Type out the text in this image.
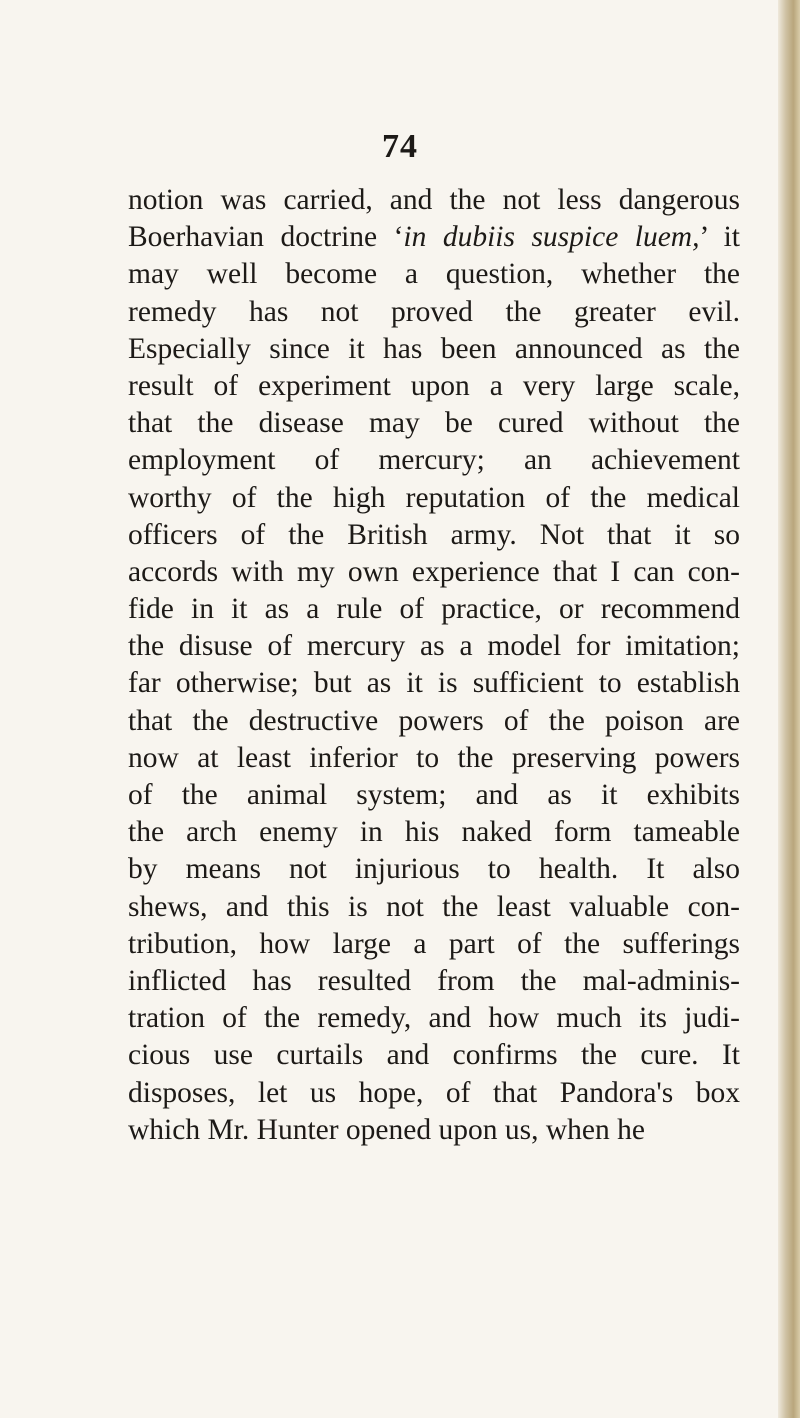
74
notion was carried, and the not less dangerous
Boerhavian doctrine ‘in dubiis suspice luem,’ it
may well become a question, whether the
remedy has not proved the greater evil.
Especially since it has been announced as the
result of experiment upon a very large scale,
that the disease may be cured without the
employment of mercury; an achievement
worthy of the high reputation of the medical
officers of the British army. Not that it so
accords with my own experience that I can con-
fide in it as a rule of practice, or recommend
the disuse of mercury as a model for imitation;
far otherwise; but as it is sufficient to establish
that the destructive powers of the poison are
now at least inferior to the preserving powers
of the animal system; and as it exhibits
the arch enemy in his naked form tameable
by means not injurious to health. It also
shews, and this is not the least valuable con-
tribution, how large a part of the sufferings
inflicted has resulted from the mal-adminis-
tration of the remedy, and how much its judi-
cious use curtails and confirms the cure. It
disposes, let us hope, of that Pandora's box
which Mr. Hunter opened upon us, when he
